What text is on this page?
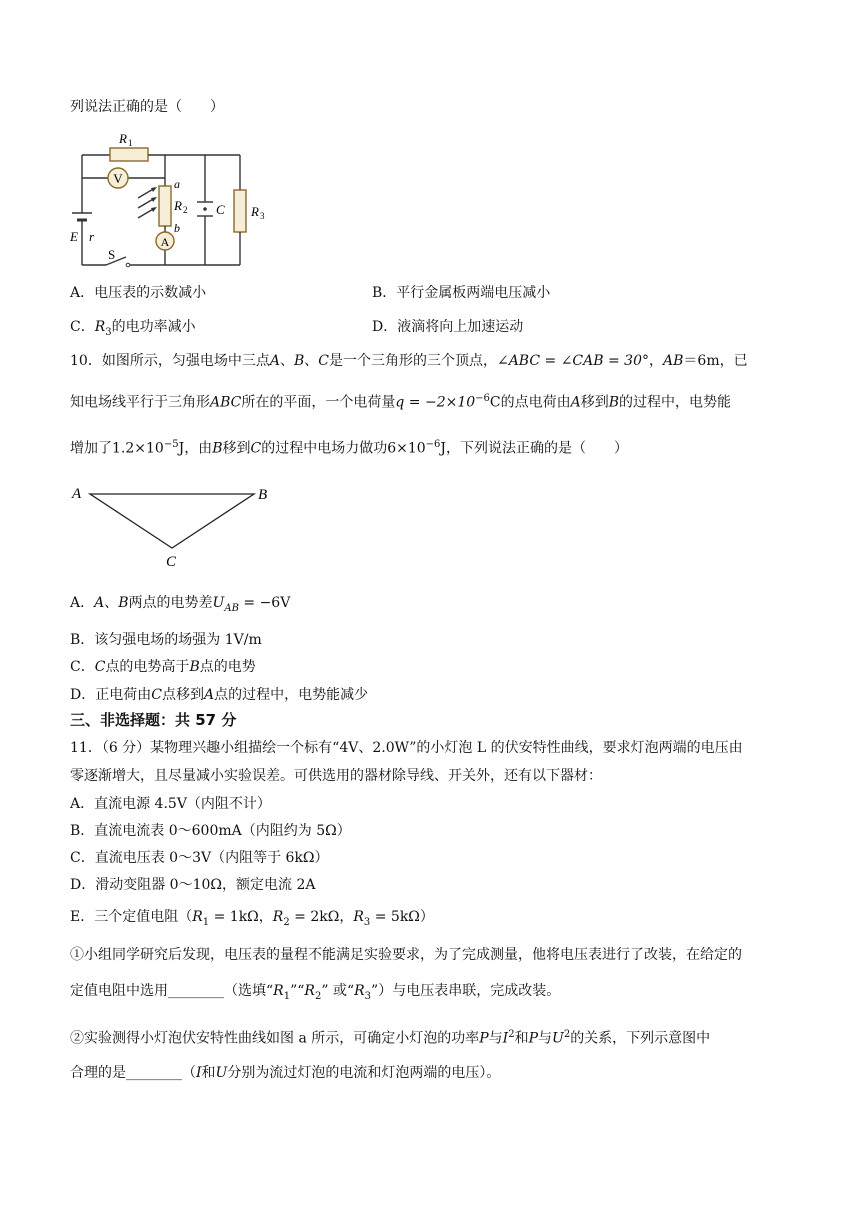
列说法正确的是（　　）
V
A
R 1
a
R 2
b
C R 3
E r
S
A．电压表的示数减小	B．平行金属板两端电压减小
C．$R_3$的电功率减小	D．液滴将向上加速运动
10．如图所示，匀强电场中三点A、B、C是一个三角形的三个顶点，∠ABC = ∠CAB = 30°，AB＝6m，已
知电场线平行于三角形ABC所在的平面，一个电荷量$q = -2\times 10^{-6}C$的点电荷由A移到B的过程中，电势能
增加了$1.2\times 10^{-5}J$，由B移到C的过程中电场力做功$6\times 10^{-6}J$，下列说法正确的是（　　）
A	B
C
A．A、B两点的电势差$U_{AB} = -6V$
B．该匀强电场的场强为 1V/m
C．C点的电势高于B点的电势
D．正电荷由C点移到A点的过程中，电势能减少
三、非选择题：共 57 分
11．（6 分）某物理兴趣小组描绘一个标有“4V、2.0W”的小灯泡 L 的伏安特性曲线，要求灯泡两端的电压由
零逐渐增大，且尽量减小实验误差。可供选用的器材除导线、开关外，还有以下器材：
A．直流电源 4.5V（内阻不计）
B．直流电流表 0～600mA（内阻约为 5Ω）
C．直流电压表 0～3V（内阻等于 6kΩ）
D．滑动变阻器 0～10Ω，额定电流 2A
E．三个定值电阻（$R_1 = 1k\Omega$，$R_2 = 2k\Omega$，$R_3 = 5k\Omega$）
①小组同学研究后发现，电压表的量程不能满足实验要求，为了完成测量，他将电压表进行了改装，在给定的
定值电阻中选用________（选填“$R_1”“R_2$” 或“$R_3$”）与电压表串联，完成改装。
②实验测得小灯泡伏安特性曲线如图 a 所示，可确定小灯泡的功率P与$I^2$和P与$U^2$的关系，下列示意图中
合理的是________（I和U分别为流过灯泡的电流和灯泡两端的电压）。
